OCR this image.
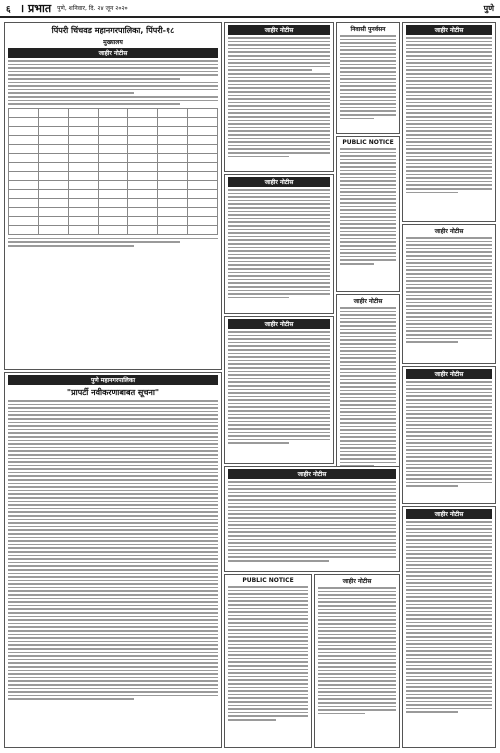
६ । प्रभात पुणे, शनिवार, दि. २४ जून २०२०	पुणे
पिंपरी चिंचवड महानगरपालिका, पिंपरी-१८
मुख्यालय
जाहीर नोटीस

जाहीर नोटीस	निवासी पुनर्वसन
PUBLIC NOTICE
जाहीर नोटीस
जाहीर नोटीस
जाहीर नोटीस
जाहीर नोटीस
जाहीर नोटीस
जाहीर नोटीस
पुणे महानगरपालिका
"प्रापर्टी नवीकरणाबाबत सूचना"
जाहीर नोटीस
PUBLIC NOTICE	जाहीर नोटीस
जाहीर नोटीस
